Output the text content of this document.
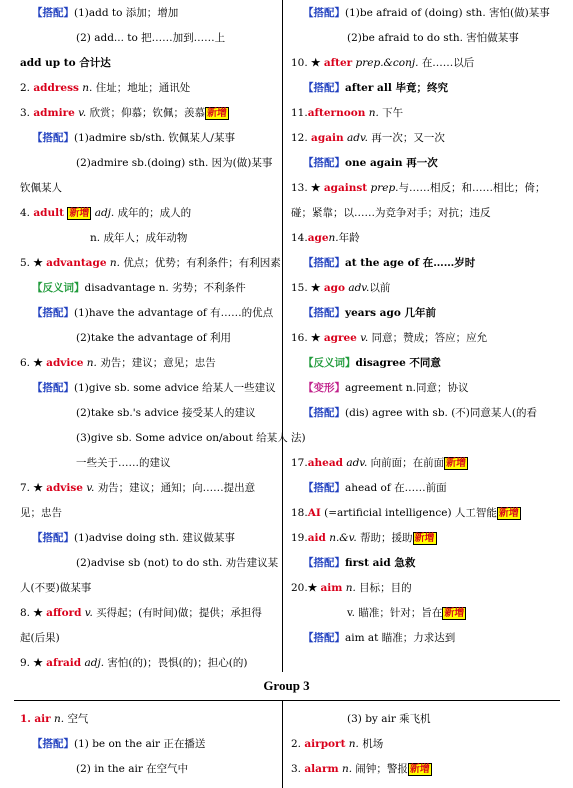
【搭配】(1)add to 添加；增加
(2) add... to 把……加到……上
add up to 合计达
2. address n. 住址；地址；通讯处
3. admire v. 欣赏；仰慕；钦佩；羡慕 新增
【搭配】(1)admire sb/sth. 钦佩某人/某事
(2)admire sb.(doing) sth. 因为(做)某事
钦佩某人
4. adult 新增 adj. 成年的；成人的
n. 成年人；成年动物
5. ★ advantage n. 优点；优势；有利条件；有利因素
【反义词】disadvantage n. 劣势；不利条件
【搭配】(1)have the advantage of 有……的优点
(2)take the advantage of 利用
6. ★ advice n. 劝告；建议；意见；忠告
【搭配】(1)give sb. some advice 给某人一些建议
(2)take sb.'s advice 接受某人的建议
(3)give sb. Some advice on/about 给某人
一些关于……的建议
7. ★ advise v. 劝告；建议；通知；向……提出意
见；忠告
【搭配】(1)advise doing sth. 建议做某事
(2)advise sb (not) to do sth. 劝告建议某
人(不要)做某事
8. ★ afford v. 买得起；(有时间)做；提供；承担得
起(后果)
9. ★ afraid adj. 害怕(的)；畏惧(的)；担心(的)
【搭配】(1)be afraid of (doing) sth. 害怕(做)某事
(2)be afraid to do sth. 害怕做某事
10. ★ after prep.&conj. 在……以后
【搭配】after all 毕竟；终究
11.afternoon n. 下午
12. again adv. 再一次；又一次
【搭配】one again 再一次
13. ★ against prep.与……相反；和……相比；倚；
碰；紧靠；以……为竞争对手；对抗；违反
14.agen.年龄
【搭配】at the age of 在……岁时
15. ★ ago adv.以前
【搭配】years ago 几年前
16. ★ agree v. 同意；赞成；答应；应允
【反义词】disagree 不同意
【变形】agreement n.同意；协议
【搭配】(dis) agree with sb. (不)同意某人(的看
法)
17.ahead adv. 向前面；在前面 新增
【搭配】ahead of 在……前面
18.AI (=artificial intelligence) 人工智能 新增
19.aid n.&v. 帮助；援助 新增
【搭配】first aid 急救
20.★ aim n. 目标；目的
v. 瞄准；针对；旨在 新增
【搭配】aim at 瞄准；力求达到
Group 3
1. air n. 空气
【搭配】(1) be on the air 正在播送
(2) in the air 在空气中
(3) by air 乘飞机
2. airport n. 机场
3. alarm n. 闹钟；警报 新增
